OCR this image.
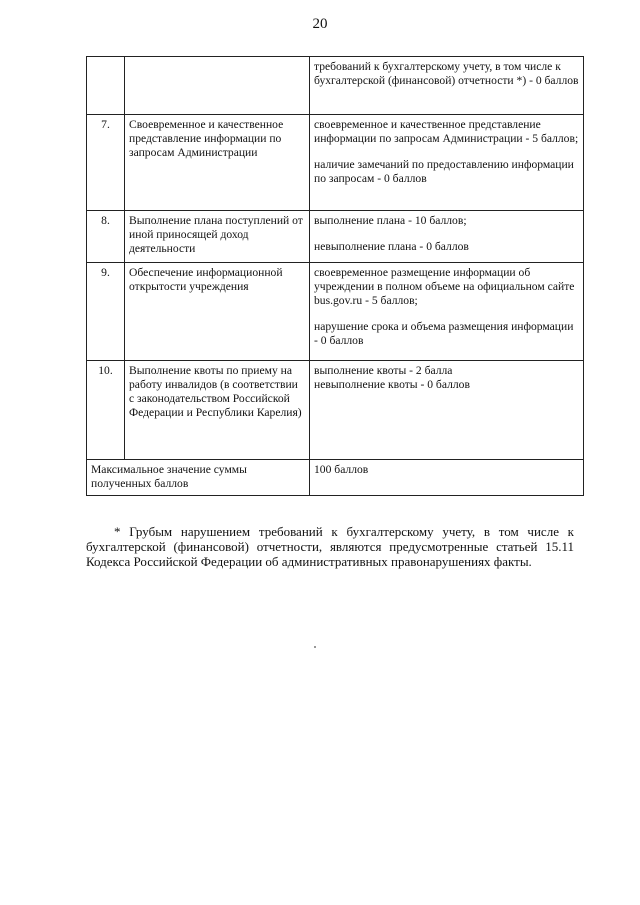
20

		требований к бухгалтерскому учету, в том числе к бухгалтерской (финансовой) отчетности *) - 0 баллов

7.	Своевременное и качественное представление информации по запросам Администрации	своевременное и качественное представление информации по запросам Администрации - 5 баллов;
наличие замечаний по предоставлению информации по запросам - 0 баллов

8.	Выполнение плана поступлений от иной приносящей доход деятельности	выполнение плана - 10 баллов;
невыполнение плана - 0 баллов

9.	Обеспечение информационной открытости учреждения	своевременное размещение информации об учреждении в полном объеме на официальном сайте bus.gov.ru - 5 баллов;
нарушение срока и объема размещения информации - 0 баллов

10.	Выполнение квоты по приему на работу инвалидов (в соответствии с законодательством Российской Федерации и Республики Карелия)	выполнение квоты - 2 балла
невыполнение квоты - 0 баллов

Максимальное значение суммы полученных баллов		100 баллов

* Грубым нарушением требований к бухгалтерскому учету, в том числе к бухгалтерской (финансовой) отчетности, являются предусмотренные статьей 15.11 Кодекса Российской Федерации об административных правонарушениях факты.
